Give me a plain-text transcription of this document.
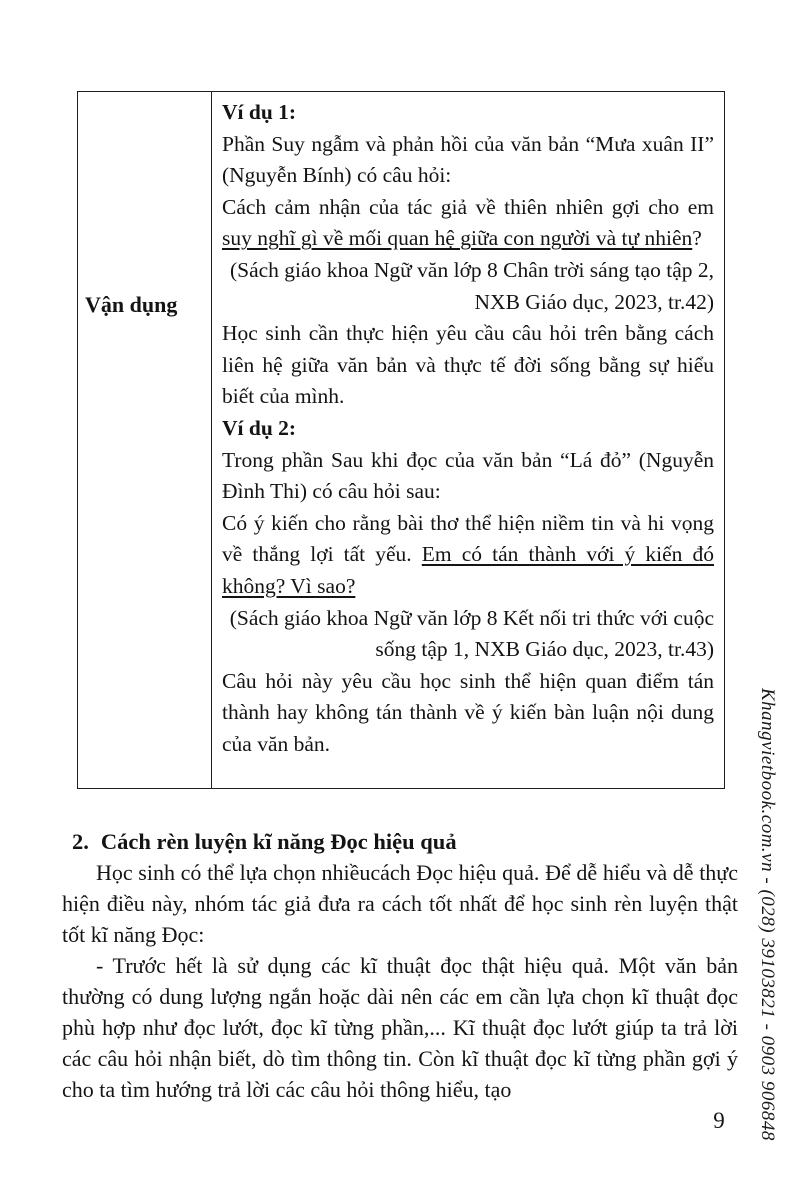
Vận dụng
Ví dụ 1:
Phần Suy ngẫm và phản hồi của văn bản “Mưa xuân II” (Nguyễn Bính) có câu hỏi:
Cách cảm nhận của tác giả về thiên nhiên gợi cho em suy nghĩ gì về mối quan hệ giữa con người và tự nhiên?
(Sách giáo khoa Ngữ văn lớp 8 Chân trời sáng tạo tập 2, NXB Giáo dục, 2023, tr.42)
Học sinh cần thực hiện yêu cầu câu hỏi trên bằng cách liên hệ giữa văn bản và thực tế đời sống bằng sự hiểu biết của mình.
Ví dụ 2:
Trong phần Sau khi đọc của văn bản “Lá đỏ” (Nguyễn Đình Thi) có câu hỏi sau:
Có ý kiến cho rằng bài thơ thể hiện niềm tin và hi vọng về thắng lợi tất yếu. Em có tán thành với ý kiến đó không? Vì sao?
(Sách giáo khoa Ngữ văn lớp 8 Kết nối tri thức với cuộc sống tập 1, NXB Giáo dục, 2023, tr.43)
Câu hỏi này yêu cầu học sinh thể hiện quan điểm tán thành hay không tán thành về ý kiến bàn luận nội dung của văn bản.
2. Cách rèn luyện kĩ năng Đọc hiệu quả

Học sinh có thể lựa chọn nhiềucách Đọc hiệu quả. Để dễ hiểu và dễ thực hiện điều này, nhóm tác giả đưa ra cách tốt nhất để học sinh rèn luyện thật tốt kĩ năng Đọc:

- Trước hết là sử dụng các kĩ thuật đọc thật hiệu quả. Một văn bản thường có dung lượng ngắn hoặc dài nên các em cần lựa chọn kĩ thuật đọc phù hợp như đọc lướt, đọc kĩ từng phần,... Kĩ thuật đọc lướt giúp ta trả lời các câu hỏi nhận biết, dò tìm thông tin. Còn kĩ thuật đọc kĩ từng phần gợi ý cho ta tìm hướng trả lời các câu hỏi thông hiểu, tạo

9	Khangvietbook.com.vn - (028) 39103821 - 0903 906848
